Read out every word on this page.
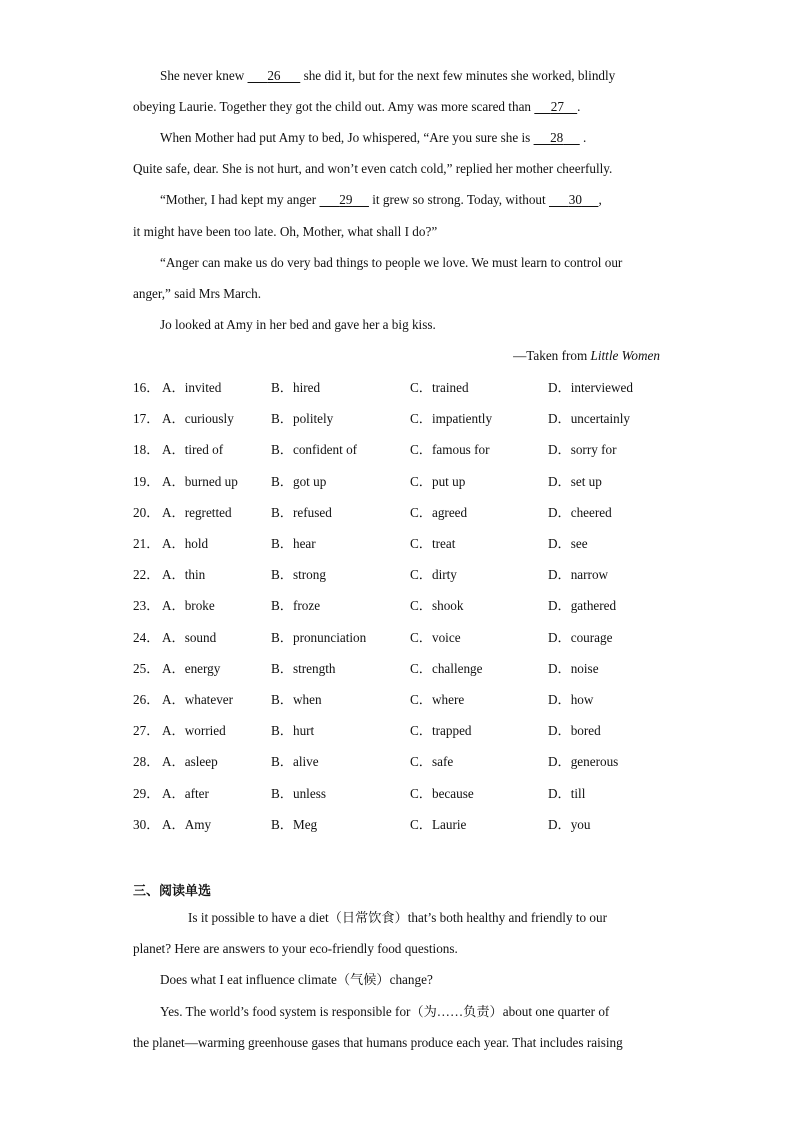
She never knew       26       she did it, but for the next few minutes she worked, blindly
obeying Laurie. Together they got the child out. Amy was more scared than      27 .
When Mother had put Amy to bed, Jo whispered, “Are you sure she is      28      .
Quite safe, dear. She is not hurt, and won’t even catch cold,” replied her mother cheerfully.
“Mother, I had kept my anger       29      it grew so strong. Today, without       30 ,
it might have been too late. Oh, Mother, what shall I do?”
“Anger can make us do very bad things to people we love. We must learn to control our
anger,” said Mrs March.
Jo looked at Amy in her bed and gave her a big kiss.
—Taken from Little Women
16． A．invited	B．hired	C．trained	D．interviewed
17． A．curiously	B．politely	C．impatiently	D．uncertainly
18． A．tired of	B．confident of	C．famous for	D．sorry for
19． A．burned up	B．got up	C．put up	D．set up
20． A．regretted	B．refused	C．agreed	D．cheered
21． A．hold	B．hear	C．treat	D．see
22． A．thin	B．strong	C．dirty	D．narrow
23． A．broke	B．froze	C．shook	D．gathered
24． A．sound	B．pronunciation	C．voice	D．courage
25． A．energy	B．strength	C．challenge	D．noise
26． A．whatever	B．when	C．where	D．how
27． A．worried	B．hurt	C．trapped	D．bored
28． A．asleep	B．alive	C．safe	D．generous
29． A．after	B．unless	C．because	D．till
30． A．Amy	B．Meg	C．Laurie	D．you
三、阅读单选
Is it possible to have a diet（日常饮食）that’s both healthy and friendly to our
planet? Here are answers to your eco-friendly food questions.
Does what I eat influence climate（气候）change?
Yes. The world’s food system is responsible for（为……负责）about one quarter of
the planet—warming greenhouse gases that humans produce each year. That includes raising
